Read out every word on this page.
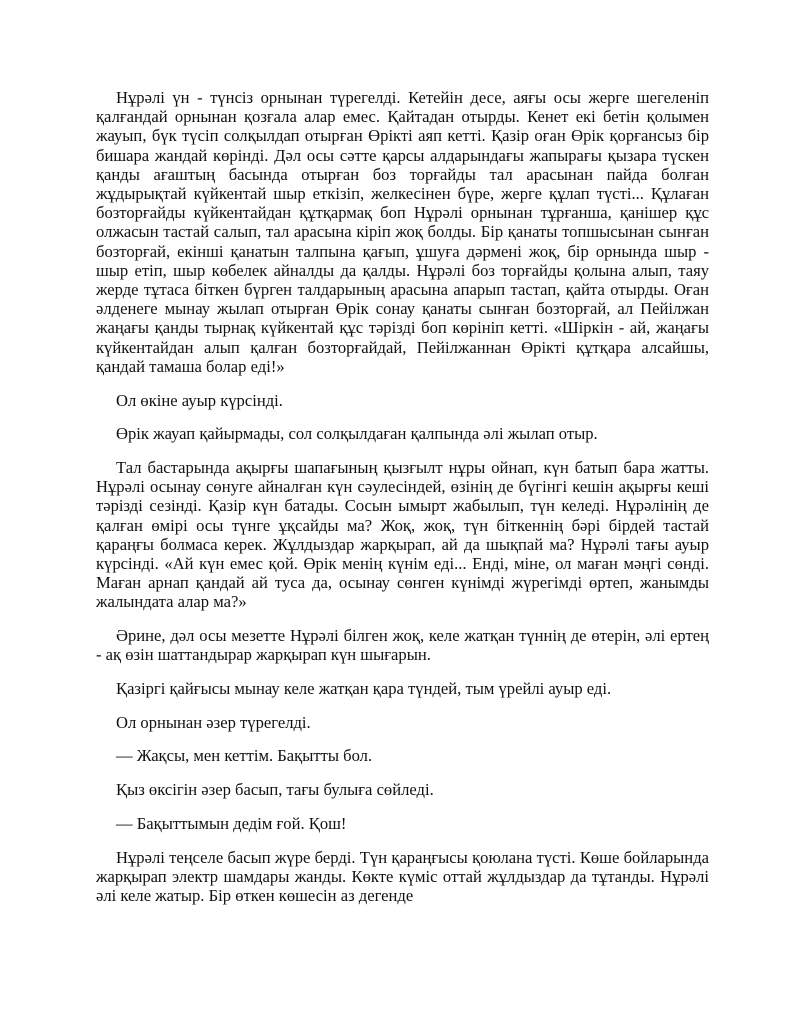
Нұрәлі үн - түнсіз орнынан түрегелді. Кетейін десе, аяғы осы жерге шегеленіп қалғандай орнынан қозғала алар емес. Қайтадан отырды. Кенет екі бетін қолымен жауып, бүк түсіп солқылдап отырған Өрікті аяп кетті. Қазір оған Өрік қорғансыз бір бишара жандай көрінді. Дәл осы сәтте қарсы алдарындағы жапырағы қызара түскен қанды ағаштың басында отырған боз торғайды тал арасынан пайда болған жұдырықтай күйкентай шыр еткізіп, желкесінен бүре, жерге құлап түсті... Құлаған бозторғайды күйкентайдан құтқармақ боп Нұрәлі орнынан тұрғанша, қанішер құс олжасын тастай салып, тал арасына кіріп жоқ болды. Бір қанаты топшысынан сынған бозторғай, екінші қанатын талпына қағып, ұшуға дәрмені жоқ, бір орнында шыр - шыр етіп, шыр көбелек айналды да қалды. Нұрәлі боз торғайды қолына алып, таяу жерде тұтаса біткен бүрген талдарының арасына апарып тастап, қайта отырды. Оған әлденеге мынау жылап отырған Өрік сонау қанаты сынған бозторғай, ал Пейілжан жаңағы қанды тырнақ күйкентай құс тәрізді боп көрініп кетті. «Шіркін - ай, жаңағы күйкентайдан алып қалған бозторғайдай, Пейілжаннан Өрікті құтқара алсайшы, қандай тамаша болар еді!»

Ол өкіне ауыр күрсінді.

Өрік жауап қайырмады, сол солқылдаған қалпында әлі жылап отыр.

Тал бастарында ақырғы шапағының қызғылт нұры ойнап, күн батып бара жатты. Нұрәлі осынау сөнуге айналған күн сәулесіндей, өзінің де бүгінгі кешін ақырғы кеші тәрізді сезінді. Қазір күн батады. Сосын ымырт жабылып, түн келеді. Нұрәлінің де қалған өмірі осы түнге ұқсайды ма? Жоқ, жоқ, түн біткеннің бәрі бірдей тастай қараңғы болмаса керек. Жұлдыздар жарқырап, ай да шықпай ма? Нұрәлі тағы ауыр күрсінді. «Ай күн емес қой. Өрік менің күнім еді... Енді, міне, ол маған мәңгі сөнді. Маған арнап қандай ай туса да, осынау сөнген күнімді жүрегімді өртеп, жанымды жалындата алар ма?»

Әрине, дәл осы мезетте Нұрәлі білген жоқ, келе жатқан түннің де өтерін, әлі ертең - ақ өзін шаттандырар жарқырап күн шығарын.

Қазіргі қайғысы мынау келе жатқан қара түндей, тым үрейлі ауыр еді.

Ол орнынан әзер түрегелді.

— Жақсы, мен кеттім. Бақытты бол.

Қыз өксігін әзер басып, тағы булыға сөйледі.

— Бақыттымын дедім ғой. Қош!

Нұрәлі теңселе басып жүре берді. Түн қараңғысы қоюлана түсті. Көше бойларында жарқырап электр шамдары жанды. Көкте күміс оттай жұлдыздар да тұтанды. Нұрәлі әлі келе жатыр. Бір өткен көшесін аз дегенде
